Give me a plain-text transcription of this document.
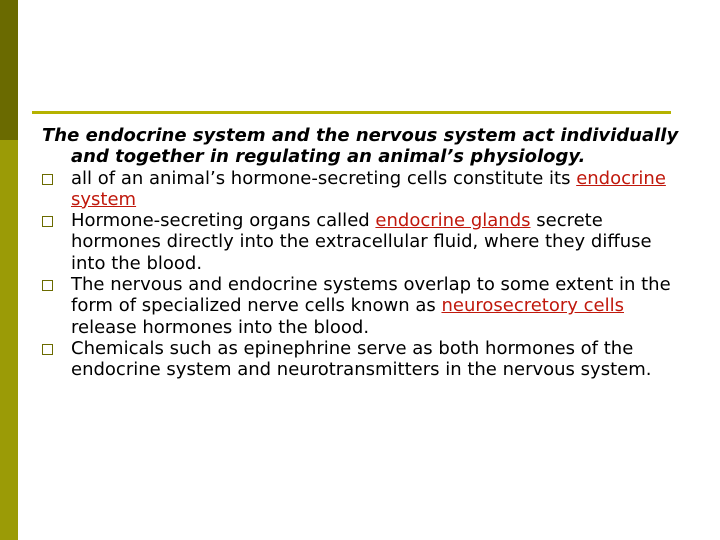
The endocrine system and the nervous system act individually and together in regulating an animal’s physiology.

all of an animal’s hormone-secreting cells constitute its endocrine system
Hormone-secreting organs called endocrine glands secrete hormones directly into the extracellular fluid, where they diffuse into the blood.
The nervous and endocrine systems overlap to some extent in the form of specialized nerve cells known as neurosecretory cells release hormones into the blood.
Chemicals such as epinephrine serve as both hormones of the endocrine system and neurotransmitters in the nervous system.
